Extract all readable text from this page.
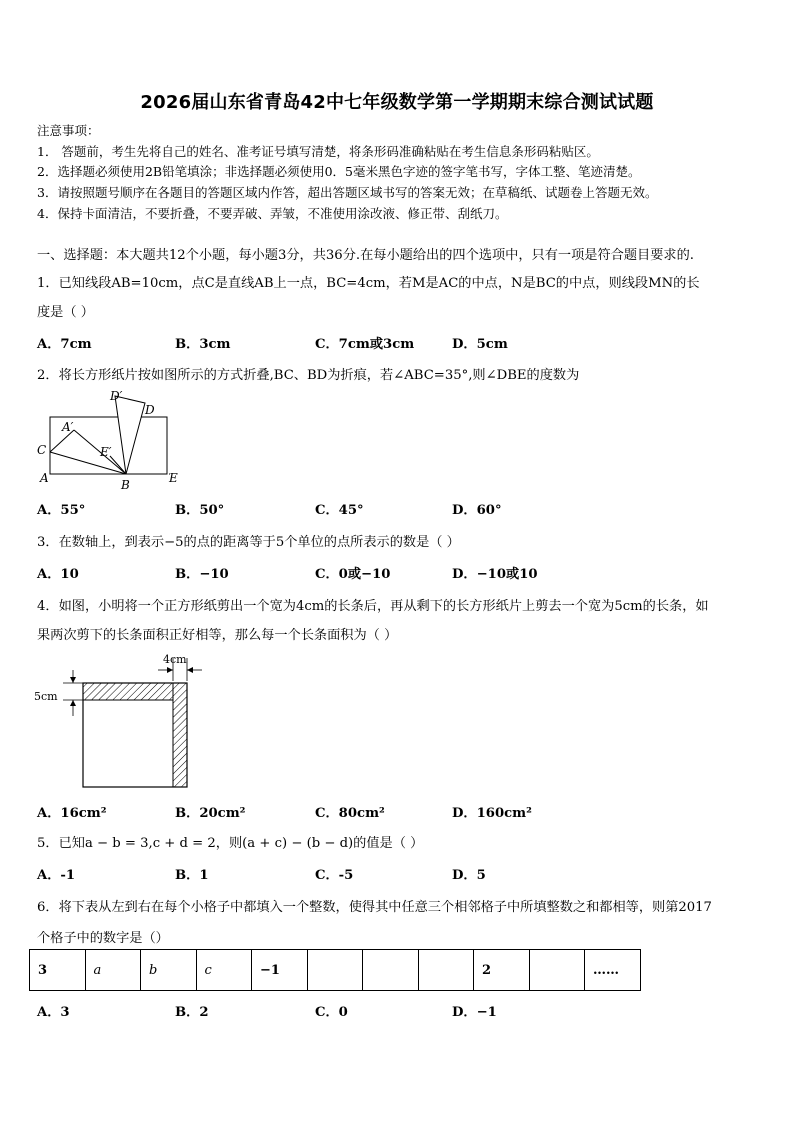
2026届山东省青岛42中七年级数学第一学期期末综合测试试题
注意事项：
1． 答题前，考生先将自己的姓名、准考证号填写清楚，将条形码准确粘贴在考生信息条形码粘贴区。
2．选择题必须使用2B铅笔填涂；非选择题必须使用0．5毫米黑色字迹的签字笔书写，字体工整、笔迹清楚。
3．请按照题号顺序在各题目的答题区域内作答，超出答题区域书写的答案无效；在草稿纸、试题卷上答题无效。
4．保持卡面清洁，不要折叠，不要弄破、弄皱，不准使用涂改液、修正带、刮纸刀。
一、选择题：本大题共12个小题，每小题3分，共36分.在每小题给出的四个选项中，只有一项是符合题目要求的.
1．已知线段AB=10cm，点C是直线AB上一点，BC=4cm，若M是AC的中点，N是BC的中点，则线段MN的长
度是（ ）
A．7cm	B．3cm	C．7cm或3cm	D．5cm
2．将长方形纸片按如图所示的方式折叠,BC、BD为折痕，若∠ABC=35°,则∠DBE的度数为
D′
D
A′
C	E′
A	B	E
A．55°	B．50°	C．45°	D．60°
3．在数轴上，到表示−5的点的距离等于5个单位的点所表示的数是（ ）
A．10	B．−10	C．0或−10	D．−10或10
4．如图，小明将一个正方形纸剪出一个宽为4cm的长条后，再从剩下的长方形纸片上剪去一个宽为5cm的长条，如
果两次剪下的长条面积正好相等，那么每一个长条面积为（ ）
4cm
5cm
A．16cm²	B．20cm²	C．80cm²	D．160cm²
5．已知a − b = 3,c + d = 2，则(a + c) − (b − d)的值是（ ）
A．-1	B．1	C．-5	D．5
6．将下表从左到右在每个小格子中都填入一个整数，使得其中任意三个相邻格子中所填整数之和都相等，则第2017
个格子中的数字是（）
3	a	b	c	−1				2		……
A．3	B．2	C．0	D．−1
